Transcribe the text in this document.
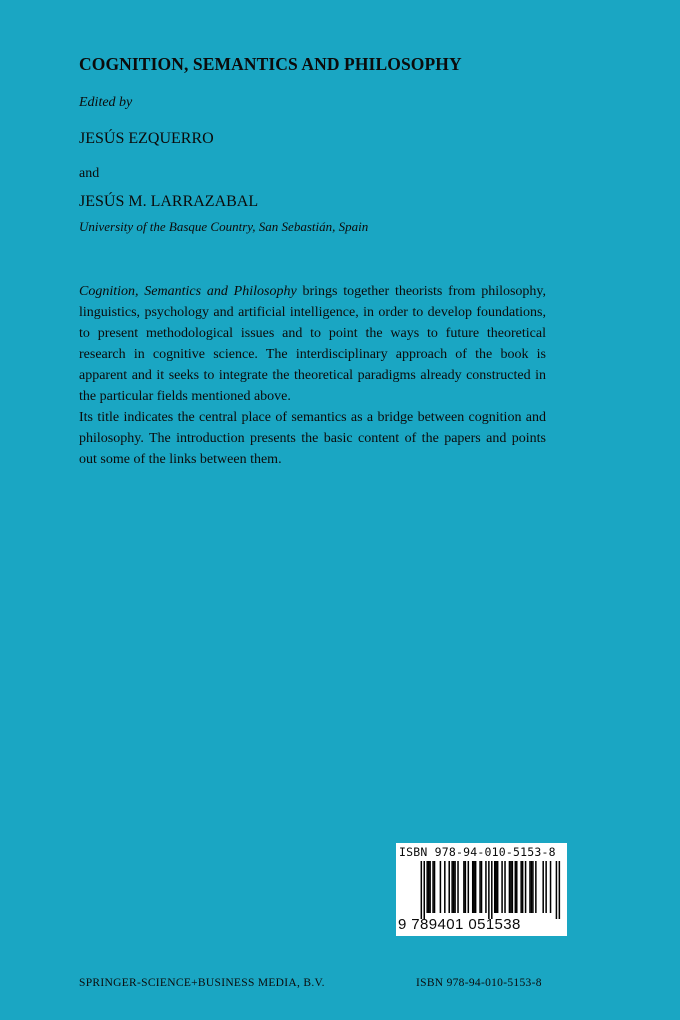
COGNITION, SEMANTICS AND PHILOSOPHY
Edited by
JESÚS EZQUERRO
and
JESÚS M. LARRAZABAL
University of the Basque Country, San Sebastián, Spain

Cognition, Semantics and Philosophy brings together theorists from philosophy, linguistics, psychology and artificial intelligence, in order to develop foundations, to present methodological issues and to point the ways to future theoretical research in cognitive science. The interdisciplinary approach of the book is apparent and it seeks to integrate the theoretical paradigms already constructed in the particular fields mentioned above.

Its title indicates the central place of semantics as a bridge between cognition and philosophy. The introduction presents the basic content of the papers and points out some of the links between them.

ISBN 978-94-010-5153-8
9 789401 051538
SPRINGER-SCIENCE+BUSINESS MEDIA, B.V.	ISBN 978-94-010-5153-8
